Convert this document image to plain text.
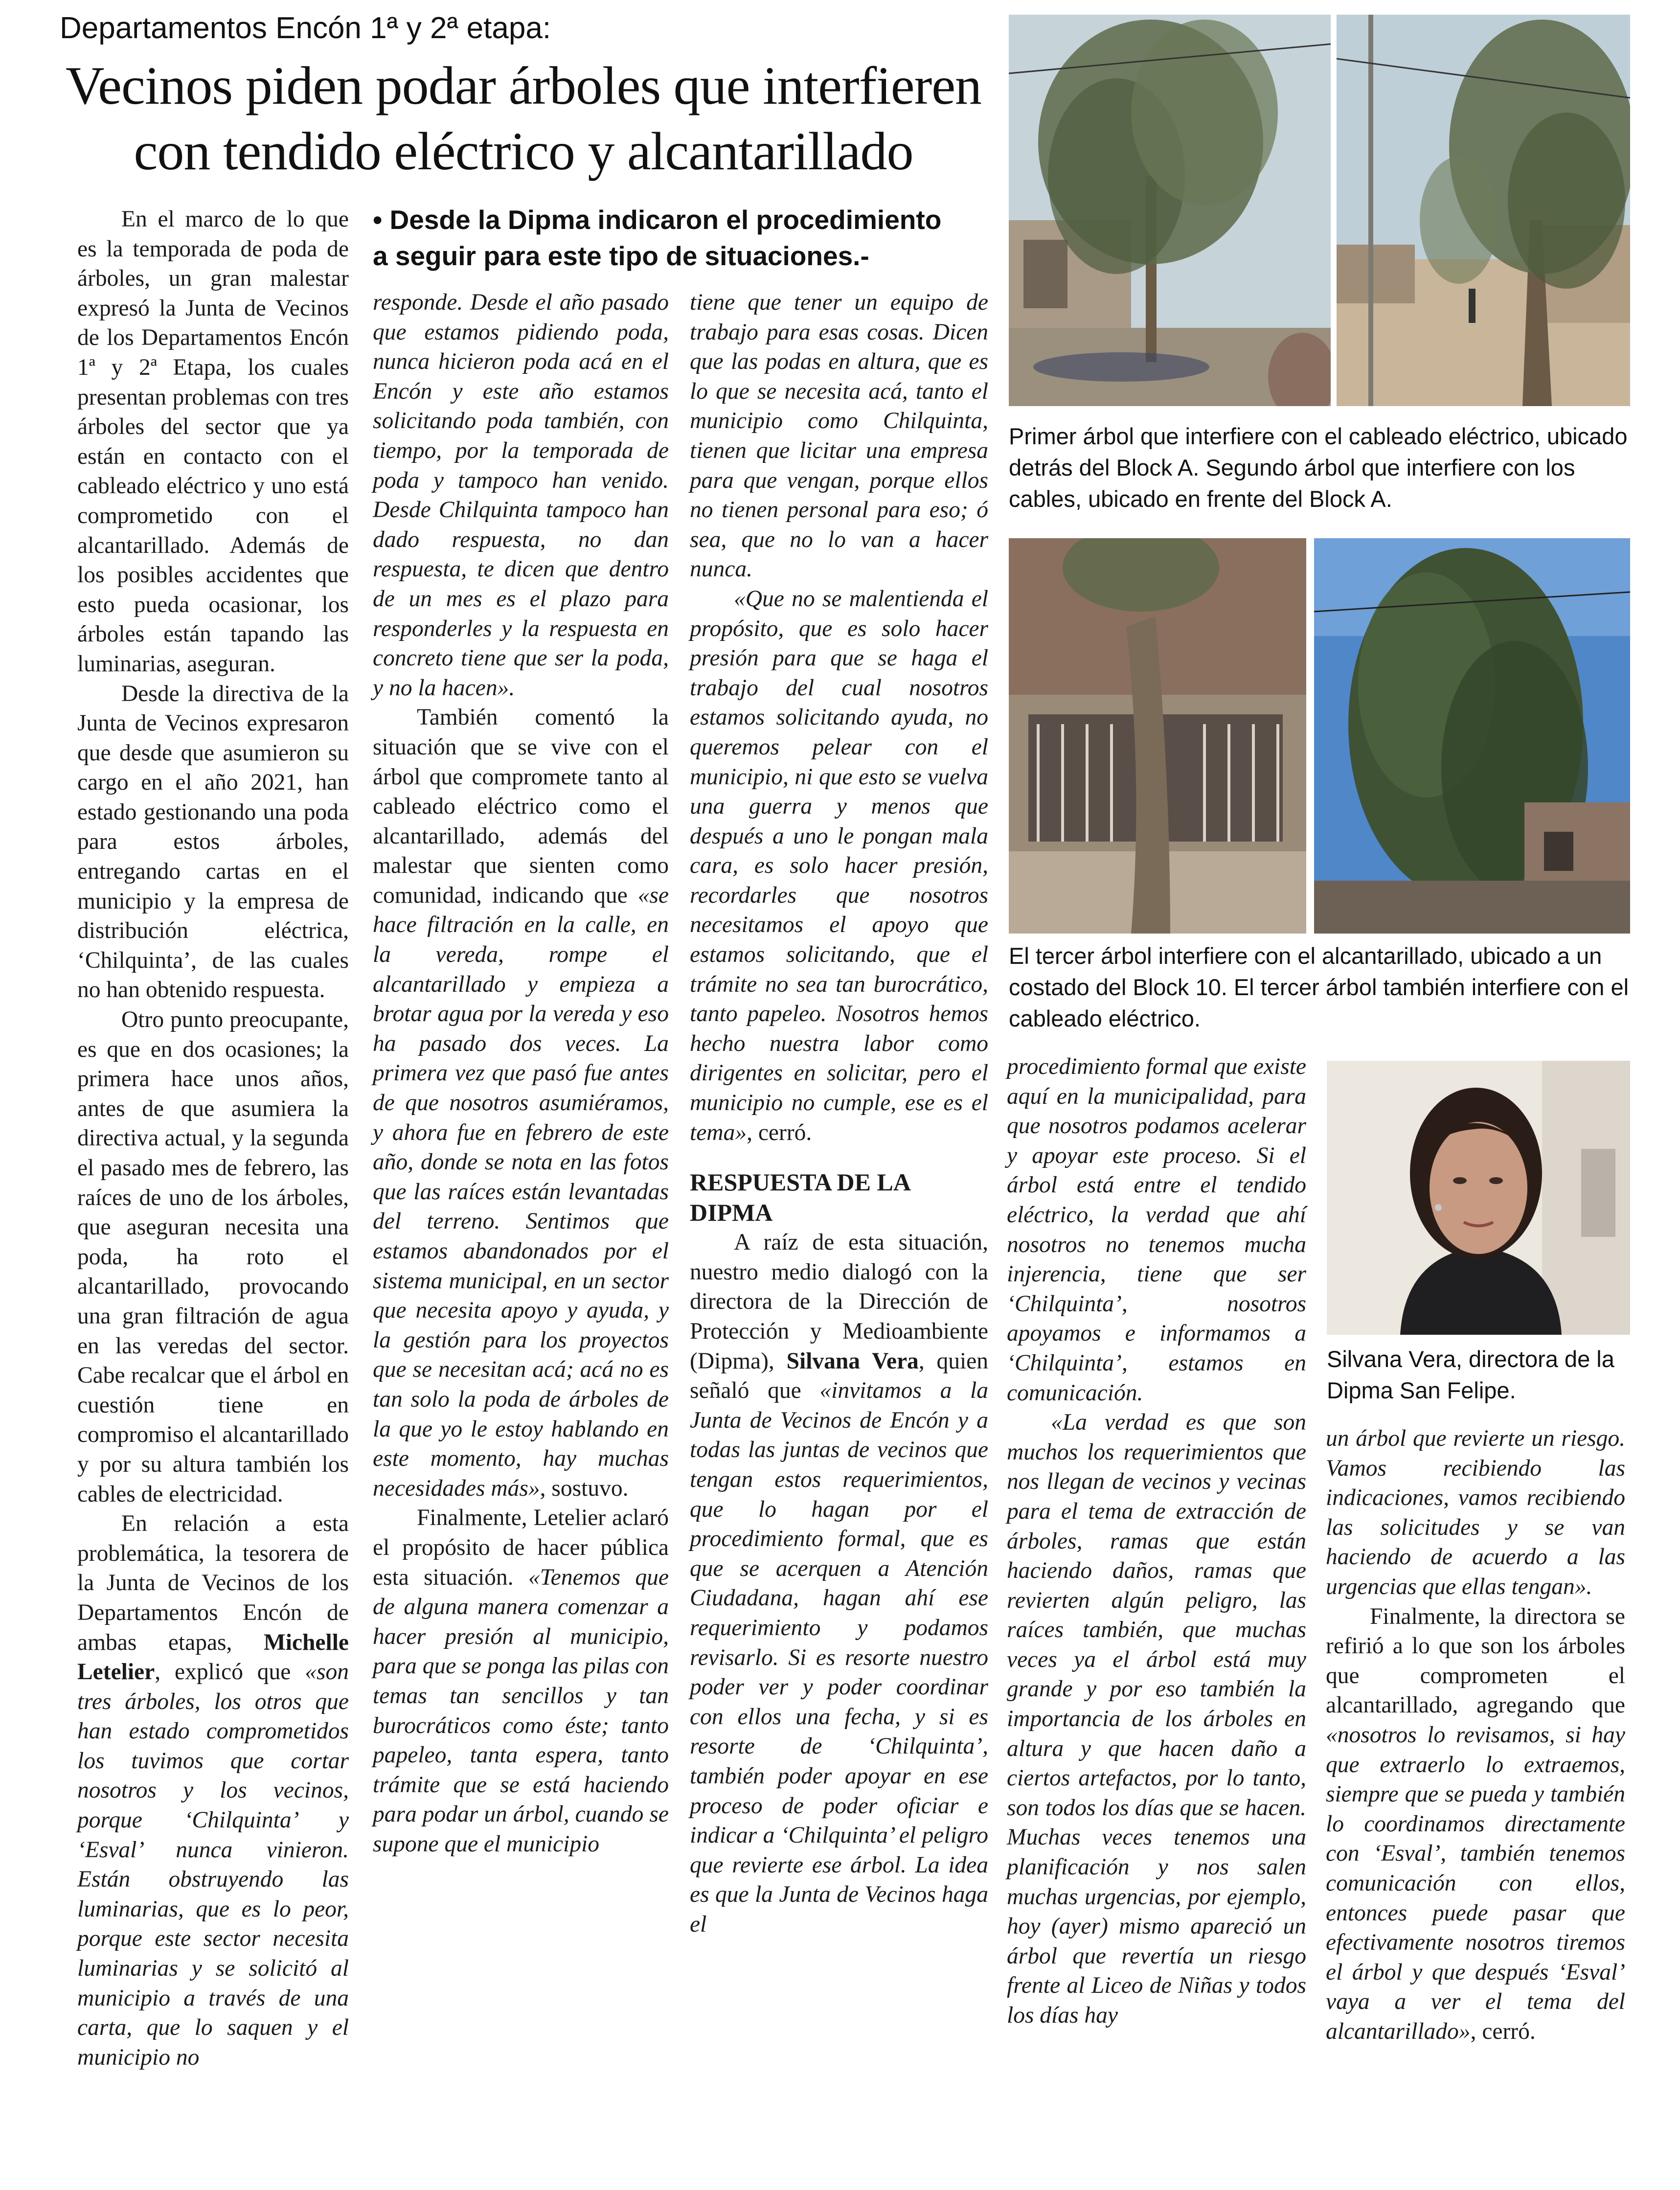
Departamentos Encón 1ª y 2ª etapa:
Vecinos piden podar árboles que interfieren
con tendido eléctrico y alcantarillado
• Desde la Dipma indicaron el procedimiento
a seguir para este tipo de situaciones.-

En el marco de lo que es la temporada de poda de árboles, un gran malestar expresó la Junta de Vecinos de los Departamentos Encón 1ª y 2ª Etapa, los cuales presentan problemas con tres árboles del sector que ya están en contacto con el cableado eléctrico y uno está comprometido con el alcantarillado. Además de los posibles accidentes que esto pueda ocasionar, los árboles están tapando las luminarias, aseguran.

Desde la directiva de la Junta de Vecinos expresaron que desde que asumieron su cargo en el año 2021, han estado gestionando una poda para estos árboles, entregando cartas en el municipio y la empresa de distribución eléctrica, ‘Chilquinta’, de las cuales no han obtenido respuesta.

Otro punto preocupante, es que en dos ocasiones; la primera hace unos años, antes de que asumiera la directiva actual, y la segunda el pasado mes de febrero, las raíces de uno de los árboles, que aseguran necesita una poda, ha roto el alcantarillado, provocando una gran filtración de agua en las veredas del sector. Cabe recalcar que el árbol en cuestión tiene en compromiso el alcantarillado y por su altura también los cables de electricidad.

En relación a esta problemática, la tesorera de la Junta de Vecinos de los Departamentos Encón de ambas etapas, Michelle Letelier, explicó que «son tres árboles, los otros que han estado comprometidos los tuvimos que cortar nosotros y los vecinos, porque ‘Chilquinta’ y ‘Esval’ nunca vinieron. Están obstruyendo las luminarias, que es lo peor, porque este sector necesita luminarias y se solicitó al municipio a través de una carta, que lo saquen y el municipio no

responde. Desde el año pasado que estamos pidiendo poda, nunca hicieron poda acá en el Encón y este año estamos solicitando poda también, con tiempo, por la temporada de poda y tampoco han venido. Desde Chilquinta tampoco han dado respuesta, no dan respuesta, te dicen que dentro de un mes es el plazo para responderles y la respuesta en concreto tiene que ser la poda, y no la hacen».

También comentó la situación que se vive con el árbol que compromete tanto al cableado eléctrico como el alcantarillado, además del malestar que sienten como comunidad, indicando que «se hace filtración en la calle, en la vereda, rompe el alcantarillado y empieza a brotar agua por la vereda y eso ha pasado dos veces. La primera vez que pasó fue antes de que nosotros asumiéramos, y ahora fue en febrero de este año, donde se nota en las fotos que las raíces están levantadas del terreno. Sentimos que estamos abandonados por el sistema municipal, en un sector que necesita apoyo y ayuda, y la gestión para los proyectos que se necesitan acá; acá no es tan solo la poda de árboles de la que yo le estoy hablando en este momento, hay muchas necesidades más», sostuvo.

Finalmente, Letelier aclaró el propósito de hacer pública esta situación. «Tenemos que de alguna manera comenzar a hacer presión al municipio, para que se ponga las pilas con temas tan sencillos y tan burocráticos como éste; tanto papeleo, tanta espera, tanto trámite que se está haciendo para podar un árbol, cuando se supone que el municipio

tiene que tener un equipo de trabajo para esas cosas. Dicen que las podas en altura, que es lo que se necesita acá, tanto el municipio como Chilquinta, tienen que licitar una empresa para que vengan, porque ellos no tienen personal para eso; ó sea, que no lo van a hacer nunca.

«Que no se malentienda el propósito, que es solo hacer presión para que se haga el trabajo del cual nosotros estamos solicitando ayuda, no queremos pelear con el municipio, ni que esto se vuelva una guerra y menos que después a uno le pongan mala cara, es solo hacer presión, recordarles que nosotros necesitamos el apoyo que estamos solicitando, que el trámite no sea tan burocrático, tanto papeleo. Nosotros hemos hecho nuestra labor como dirigentes en solicitar, pero el municipio no cumple, ese es el tema», cerró.

RESPUESTA DE LA DIPMA

A raíz de esta situación, nuestro medio dialogó con la directora de la Dirección de Protección y Medioambiente (Dipma), Silvana Vera, quien señaló que «invitamos a la Junta de Vecinos de Encón y a todas las juntas de vecinos que tengan estos requerimientos, que lo hagan por el procedimiento formal, que es que se acerquen a Atención Ciudadana, hagan ahí ese requerimiento y podamos revisarlo. Si es resorte nuestro poder ver y poder coordinar con ellos una fecha, y si es resorte de ‘Chilquinta’, también poder apoyar en ese proceso de poder oficiar e indicar a ‘Chilquinta’ el peligro que revierte ese árbol. La idea es que la Junta de Vecinos haga el

procedimiento formal que existe aquí en la municipalidad, para que nosotros podamos acelerar y apoyar este proceso. Si el árbol está entre el tendido eléctrico, la verdad que ahí nosotros no tenemos mucha injerencia, tiene que ser ‘Chilquinta’, nosotros apoyamos e informamos a ‘Chilquinta’, estamos en comunicación.

«La verdad es que son muchos los requerimientos que nos llegan de vecinos y vecinas para el tema de extracción de árboles, ramas que están haciendo daños, ramas que revierten algún peligro, las raíces también, que muchas veces ya el árbol está muy grande y por eso también la importancia de los árboles en altura y que hacen daño a ciertos artefactos, por lo tanto, son todos los días que se hacen. Muchas veces tenemos una planificación y nos salen muchas urgencias, por ejemplo, hoy (ayer) mismo apareció un árbol que revertía un riesgo frente al Liceo de Niñas y todos los días hay

un árbol que revierte un riesgo. Vamos recibiendo las indicaciones, vamos recibiendo las solicitudes y se van haciendo de acuerdo a las urgencias que ellas tengan».

Finalmente, la directora se refirió a lo que son los árboles que comprometen el alcantarillado, agregando que «nosotros lo revisamos, si hay que extraerlo lo extraemos, siempre que se pueda y también lo coordinamos directamente con ‘Esval’, también tenemos comunicación con ellos, entonces puede pasar que efectivamente nosotros tiremos el árbol y que después ‘Esval’ vaya a ver el tema del alcantarillado», cerró.

Primer árbol que interfiere con el cableado eléctrico, ubicado detrás del Block A. Segundo árbol que interfiere con los cables, ubicado en frente del Block A.
El tercer árbol interfiere con el alcantarillado, ubicado a un costado del Block 10. El tercer árbol también interfiere con el cableado eléctrico.
Silvana Vera, directora de la Dipma San Felipe.
